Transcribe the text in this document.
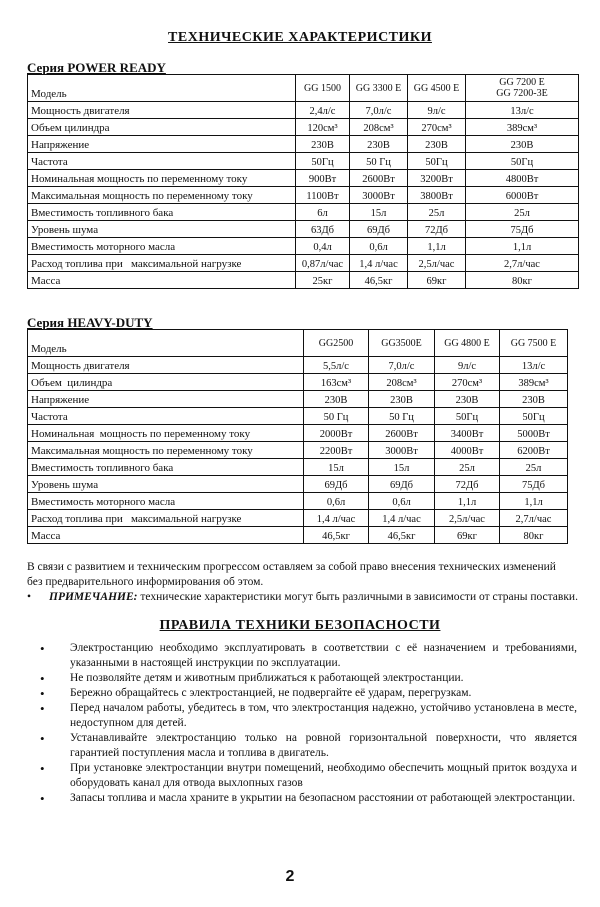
ТЕХНИЧЕСКИЕ ХАРАКТЕРИСТИКИ
Серия POWER READY
Модель	GG 1500	GG 3300 E	GG 4500 E	GG 7200 E
GG 7200-3E
Мощность двигателя	2,4л/с	7,0л/с	9л/с	13л/с
Объем цилиндра	120см³	208см³	270см³	389см³
Напряжение	230В	230В	230В	230В
Частота	50Гц	50 Гц	50Гц	50Гц
Номинальная мощность по переменному току	900Вт	2600Вт	3200Вт	4800Вт
Максимальная мощность по переменному току	1100Вт	3000Вт	3800Вт	6000Вт
Вместимость топливного бака	6л	15л	25л	25л
Уровень шума	63Дб	69Дб	72Дб	75Дб
Вместимость моторного масла	0,4л	0,6л	1,1л	1,1л
Расход топлива при   максимальной нагрузке	0,87л/час	1,4 л/час	2,5л/час	2,7л/час
Масса	25кг	46,5кг	69кг	80кг
Серия HEAVY-DUTY
Модель	GG2500	GG3500E	GG 4800 E	GG 7500 E
Мощность двигателя	5,5л/с	7,0л/с	9л/с	13л/с
Объем  цилиндра	163см³	208см³	270см³	389см³
Напряжение	230В	230В	230В	230В
Частота	50 Гц	50 Гц	50Гц	50Гц
Номинальная  мощность по переменному току	2000Вт	2600Вт	3400Вт	5000Вт
Максимальная мощность по переменному току	2200Вт	3000Вт	4000Вт	6200Вт
Вместимость топливного бака	15л	15л	25л	25л
Уровень шума	69Дб	69Дб	72Дб	75Дб
Вместимость моторного масла	0,6л	0,6л	1,1л	1,1л
Расход топлива при   максимальной нагрузке	1,4 л/час	1,4 л/час	2,5л/час	2,7л/час
Масса	46,5кг	46,5кг	69кг	80кг
В связи с развитием и техническим прогрессом оставляем за собой право внесения технических изменений без предварительного информирования об этом.
• ПРИМЕЧАНИЕ: технические характеристики могут быть различными в зависимости от страны поставки.
ПРАВИЛА ТЕХНИКИ БЕЗОПАСНОСТИ
• Электростанцию необходимо эксплуатировать в соответствии с её назначением и требованиями, указанными в настоящей инструкции по эксплуатации.
• Не позволяйте детям и животным приближаться к работающей электростанции.
• Бережно обращайтесь с электростанцией, не подвергайте её ударам, перегрузкам.
• Перед началом работы, убедитесь в том, что электростанция надежно, устойчиво установлена в месте, недоступном для детей.
• Устанавливайте электростанцию только на ровной горизонтальной поверхности, что является гарантией поступления масла и топлива в двигатель.
• При установке электростанции внутри помещений, необходимо обеспечить мощный приток воздуха и оборудовать канал для отвода выхлопных газов
• Запасы топлива и масла храните в укрытии на безопасном расстоянии от работающей электростанции.
2
